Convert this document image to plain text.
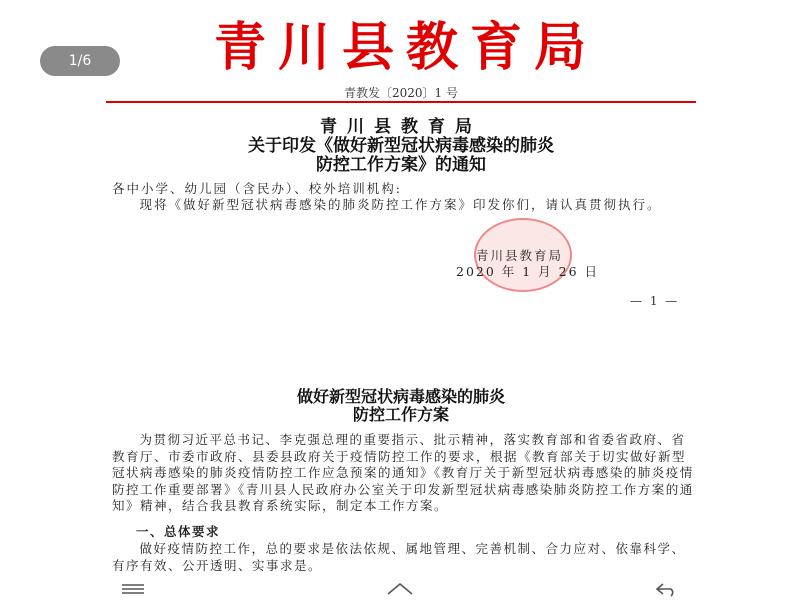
1/6	青川县教育局
青教发〔2020〕1 号
青川县教育局
关于印发《做好新型冠状病毒感染的肺炎
防控工作方案》的通知
各中小学、幼儿园（含民办）、校外培训机构:
现将《做好新型冠状病毒感染的肺炎防控工作方案》印发你们，请认真贯彻执行。
青川县教育局
2020 年 1 月 26 日
— 1 —
做好新型冠状病毒感染的肺炎
防控工作方案
为贯彻习近平总书记、李克强总理的重要指示、批示精神，落实教育部和省委省政府、省教育厅、市委市政府、县委县政府关于疫情防控工作的要求，根据《教育部关于切实做好新型冠状病毒感染的肺炎疫情防控工作应急预案的通知》《教育厅关于新型冠状病毒感染的肺炎疫情防控工作重要部署》《青川县人民政府办公室关于印发新型冠状病毒感染肺炎防控工作方案的通知》精神，结合我县教育系统实际，制定本工作方案。
一、总体要求
做好疫情防控工作，总的要求是依法依规、属地管理、完善机制、合力应对、依靠科学、有序有效、公开透明、实事求是。
